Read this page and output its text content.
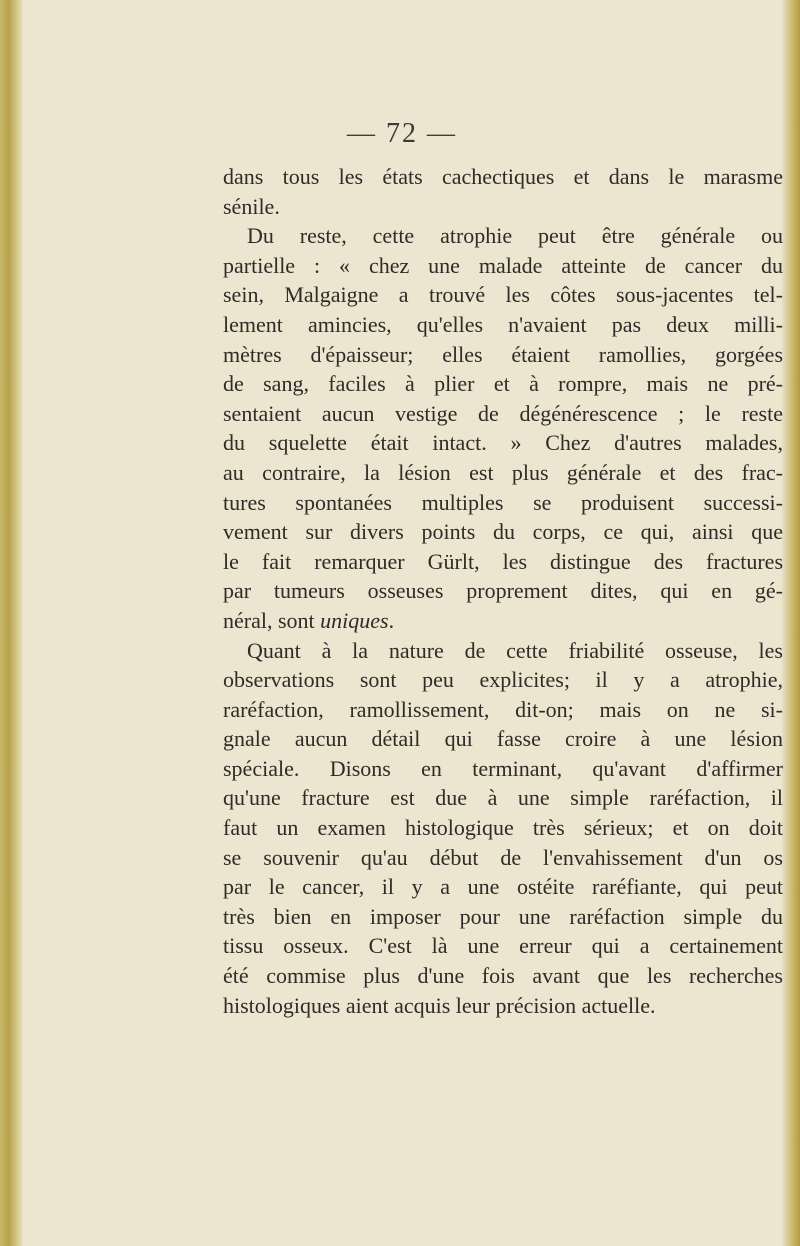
— 72 —
dans tous les états cachectiques et dans le marasme
sénile.
Du reste, cette atrophie peut être générale ou
partielle : « chez une malade atteinte de cancer du
sein, Malgaigne a trouvé les côtes sous-jacentes tel-
lement amincies, qu'elles n'avaient pas deux milli-
mètres d'épaisseur; elles étaient ramollies, gorgées
de sang, faciles à plier et à rompre, mais ne pré-
sentaient aucun vestige de dégénérescence ; le reste
du squelette était intact. » Chez d'autres malades,
au contraire, la lésion est plus générale et des frac-
tures spontanées multiples se produisent successi-
vement sur divers points du corps, ce qui, ainsi que
le fait remarquer Gürlt, les distingue des fractures
par tumeurs osseuses proprement dites, qui en gé-
néral, sont uniques.
Quant à la nature de cette friabilité osseuse, les
observations sont peu explicites; il y a atrophie,
raréfaction, ramollissement, dit-on; mais on ne si-
gnale aucun détail qui fasse croire à une lésion
spéciale. Disons en terminant, qu'avant d'affirmer
qu'une fracture est due à une simple raréfaction, il
faut un examen histologique très sérieux; et on doit
se souvenir qu'au début de l'envahissement d'un os
par le cancer, il y a une ostéite raréfiante, qui peut
très bien en imposer pour une raréfaction simple du
tissu osseux. C'est là une erreur qui a certainement
été commise plus d'une fois avant que les recherches
histologiques aient acquis leur précision actuelle.
